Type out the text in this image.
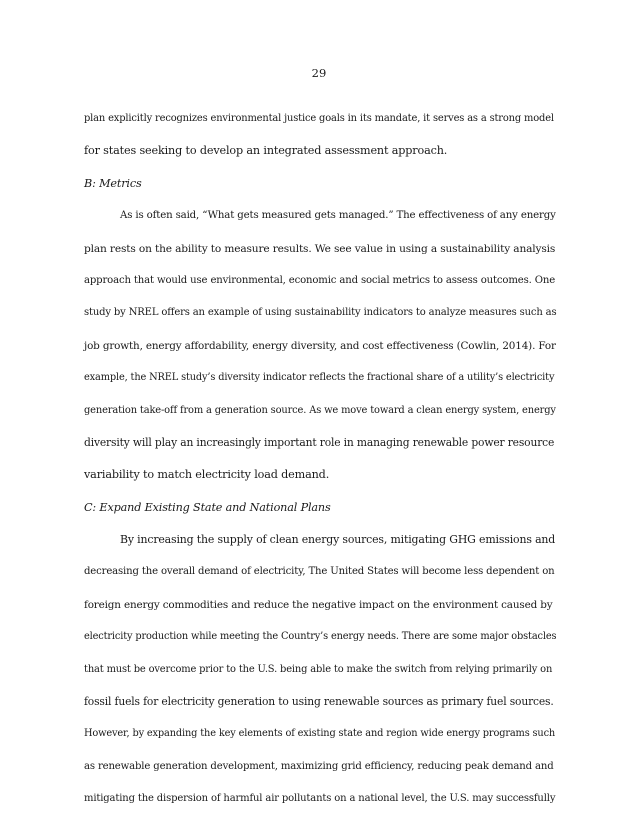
29
plan explicitly recognizes environmental justice goals in its mandate, it serves as a strong model
for states seeking to develop an integrated assessment approach.
B: Metrics
As is often said, “What gets measured gets managed.” The effectiveness of any energy
plan rests on the ability to measure results. We see value in using a sustainability analysis
approach that would use environmental, economic and social metrics to assess outcomes. One
study by NREL offers an example of using sustainability indicators to analyze measures such as
job growth, energy affordability, energy diversity, and cost effectiveness (Cowlin, 2014). For
example, the NREL study’s diversity indicator reflects the fractional share of a utility’s electricity
generation take-off from a generation source. As we move toward a clean energy system, energy
diversity will play an increasingly important role in managing renewable power resource
variability to match electricity load demand.
C: Expand Existing State and National Plans
By increasing the supply of clean energy sources, mitigating GHG emissions and
decreasing the overall demand of electricity, The United States will become less dependent on
foreign energy commodities and reduce the negative impact on the environment caused by
electricity production while meeting the Country’s energy needs. There are some major obstacles
that must be overcome prior to the U.S. being able to make the switch from relying primarily on
fossil fuels for electricity generation to using renewable sources as primary fuel sources.
However, by expanding the key elements of existing state and region wide energy programs such
as renewable generation development, maximizing grid efficiency, reducing peak demand and
mitigating the dispersion of harmful air pollutants on a national level, the U.S. may successfully
